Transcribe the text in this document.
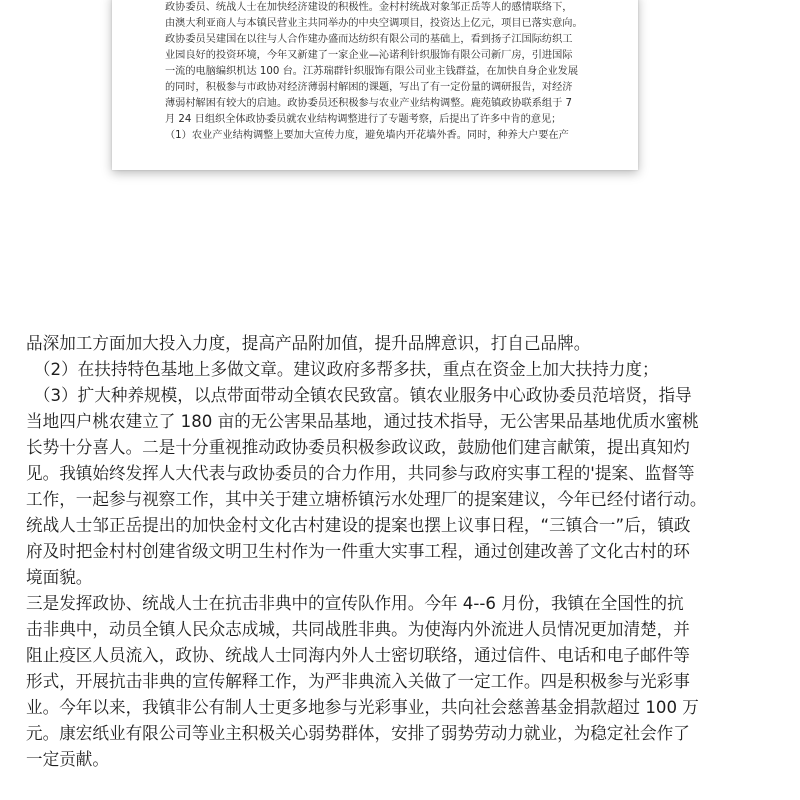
政协委员、统战人士在加快经济建设的积极性。金村村统战对象邹正岳等人的感情联络下，
由澳大利亚商人与本镇民营业主共同举办的中央空调项目，投资达上亿元，项目已落实意向。
政协委员吴建国在以往与人合作建办盛而达纺织有限公司的基础上，看到扬子江国际纺织工
业园良好的投资环境，今年又新建了一家企业—沁诺利针织服饰有限公司新厂房，引进国际
一流的电脑编织机达 100 台。江苏瑞群针织服饰有限公司业主钱群益，在加快自身企业发展
的同时，积极参与市政协对经济薄弱村解困的课题，写出了有一定份量的调研报告，对经济
薄弱村解困有较大的启迪。政协委员还积极参与农业产业结构调整。鹿苑镇政协联系组于 7
月 24 日组织全体政协委员就农业结构调整进行了专题考察，后提出了许多中肯的意见；
（1）农业产业结构调整上要加大宣传力度，避免墙内开花墙外香。同时，种养大户要在产
品深加工方面加大投入力度，提高产品附加值，提升品牌意识，打自己品牌。
（2）在扶持特色基地上多做文章。建议政府多帮多扶，重点在资金上加大扶持力度；
（3）扩大种养规模，以点带面带动全镇农民致富。镇农业服务中心政协委员范培贤，指导
当地四户桃农建立了 180 亩的无公害果品基地，通过技术指导，无公害果品基地优质水蜜桃
长势十分喜人。二是十分重视推动政协委员积极参政议政，鼓励他们建言献策，提出真知灼
见。我镇始终发挥人大代表与政协委员的合力作用，共同参与政府实事工程的'提案、监督等
工作，一起参与视察工作，其中关于建立塘桥镇污水处理厂的提案建议，今年已经付诸行动。
统战人士邹正岳提出的加快金村文化古村建设的提案也摆上议事日程，“三镇合一”后，镇政
府及时把金村村创建省级文明卫生村作为一件重大实事工程，通过创建改善了文化古村的环
境面貌。
三是发挥政协、统战人士在抗击非典中的宣传队作用。今年 4--6 月份，我镇在全国性的抗
击非典中，动员全镇人民众志成城，共同战胜非典。为使海内外流进人员情况更加清楚，并
阻止疫区人员流入，政协、统战人士同海内外人士密切联络，通过信件、电话和电子邮件等
形式，开展抗击非典的宣传解释工作，为严非典流入关做了一定工作。四是积极参与光彩事
业。今年以来，我镇非公有制人士更多地参与光彩事业，共向社会慈善基金捐款超过 100 万
元。康宏纸业有限公司等业主积极关心弱势群体，安排了弱势劳动力就业，为稳定社会作了
一定贡献。
